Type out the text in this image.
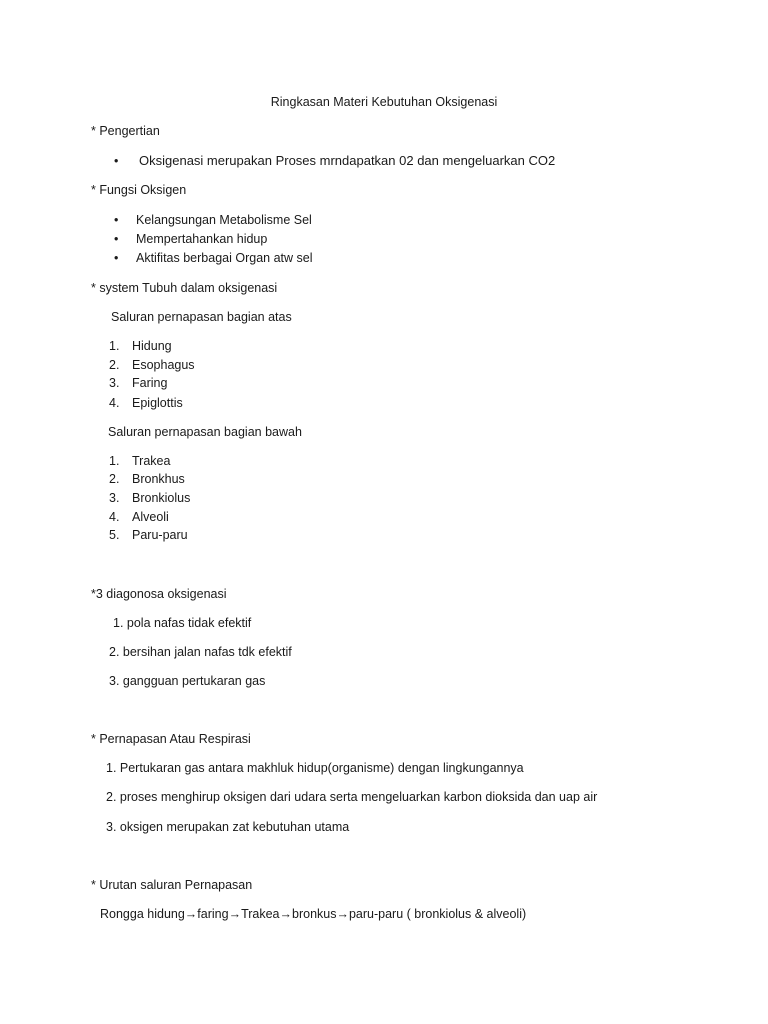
Ringkasan Materi Kebutuhan Oksigenasi
* Pengertian
• Oksigenasi merupakan Proses mrndapatkan 02 dan mengeluarkan CO2
* Fungsi Oksigen
• Kelangsungan Metabolisme Sel
• Mempertahankan hidup
• Aktifitas berbagai Organ atw sel
* system Tubuh dalam oksigenasi
Saluran pernapasan bagian atas
1. Hidung
2. Esophagus
3. Faring
4. Epiglottis
Saluran pernapasan bagian bawah
1. Trakea
2. Bronkhus
3. Bronkiolus
4. Alveoli
5. Paru-paru
*3 diagonosa oksigenasi
1. pola nafas tidak efektif
2. bersihan jalan nafas tdk efektif
3. gangguan pertukaran gas
* Pernapasan Atau Respirasi
1. Pertukaran gas antara makhluk hidup(organisme) dengan lingkungannya
2. proses menghirup oksigen dari udara serta mengeluarkan karbon dioksida dan uap air
3. oksigen merupakan zat kebutuhan utama
* Urutan saluran Pernapasan
Rongga hidung→faring→Trakea→bronkus→paru-paru ( bronkiolus & alveoli)
